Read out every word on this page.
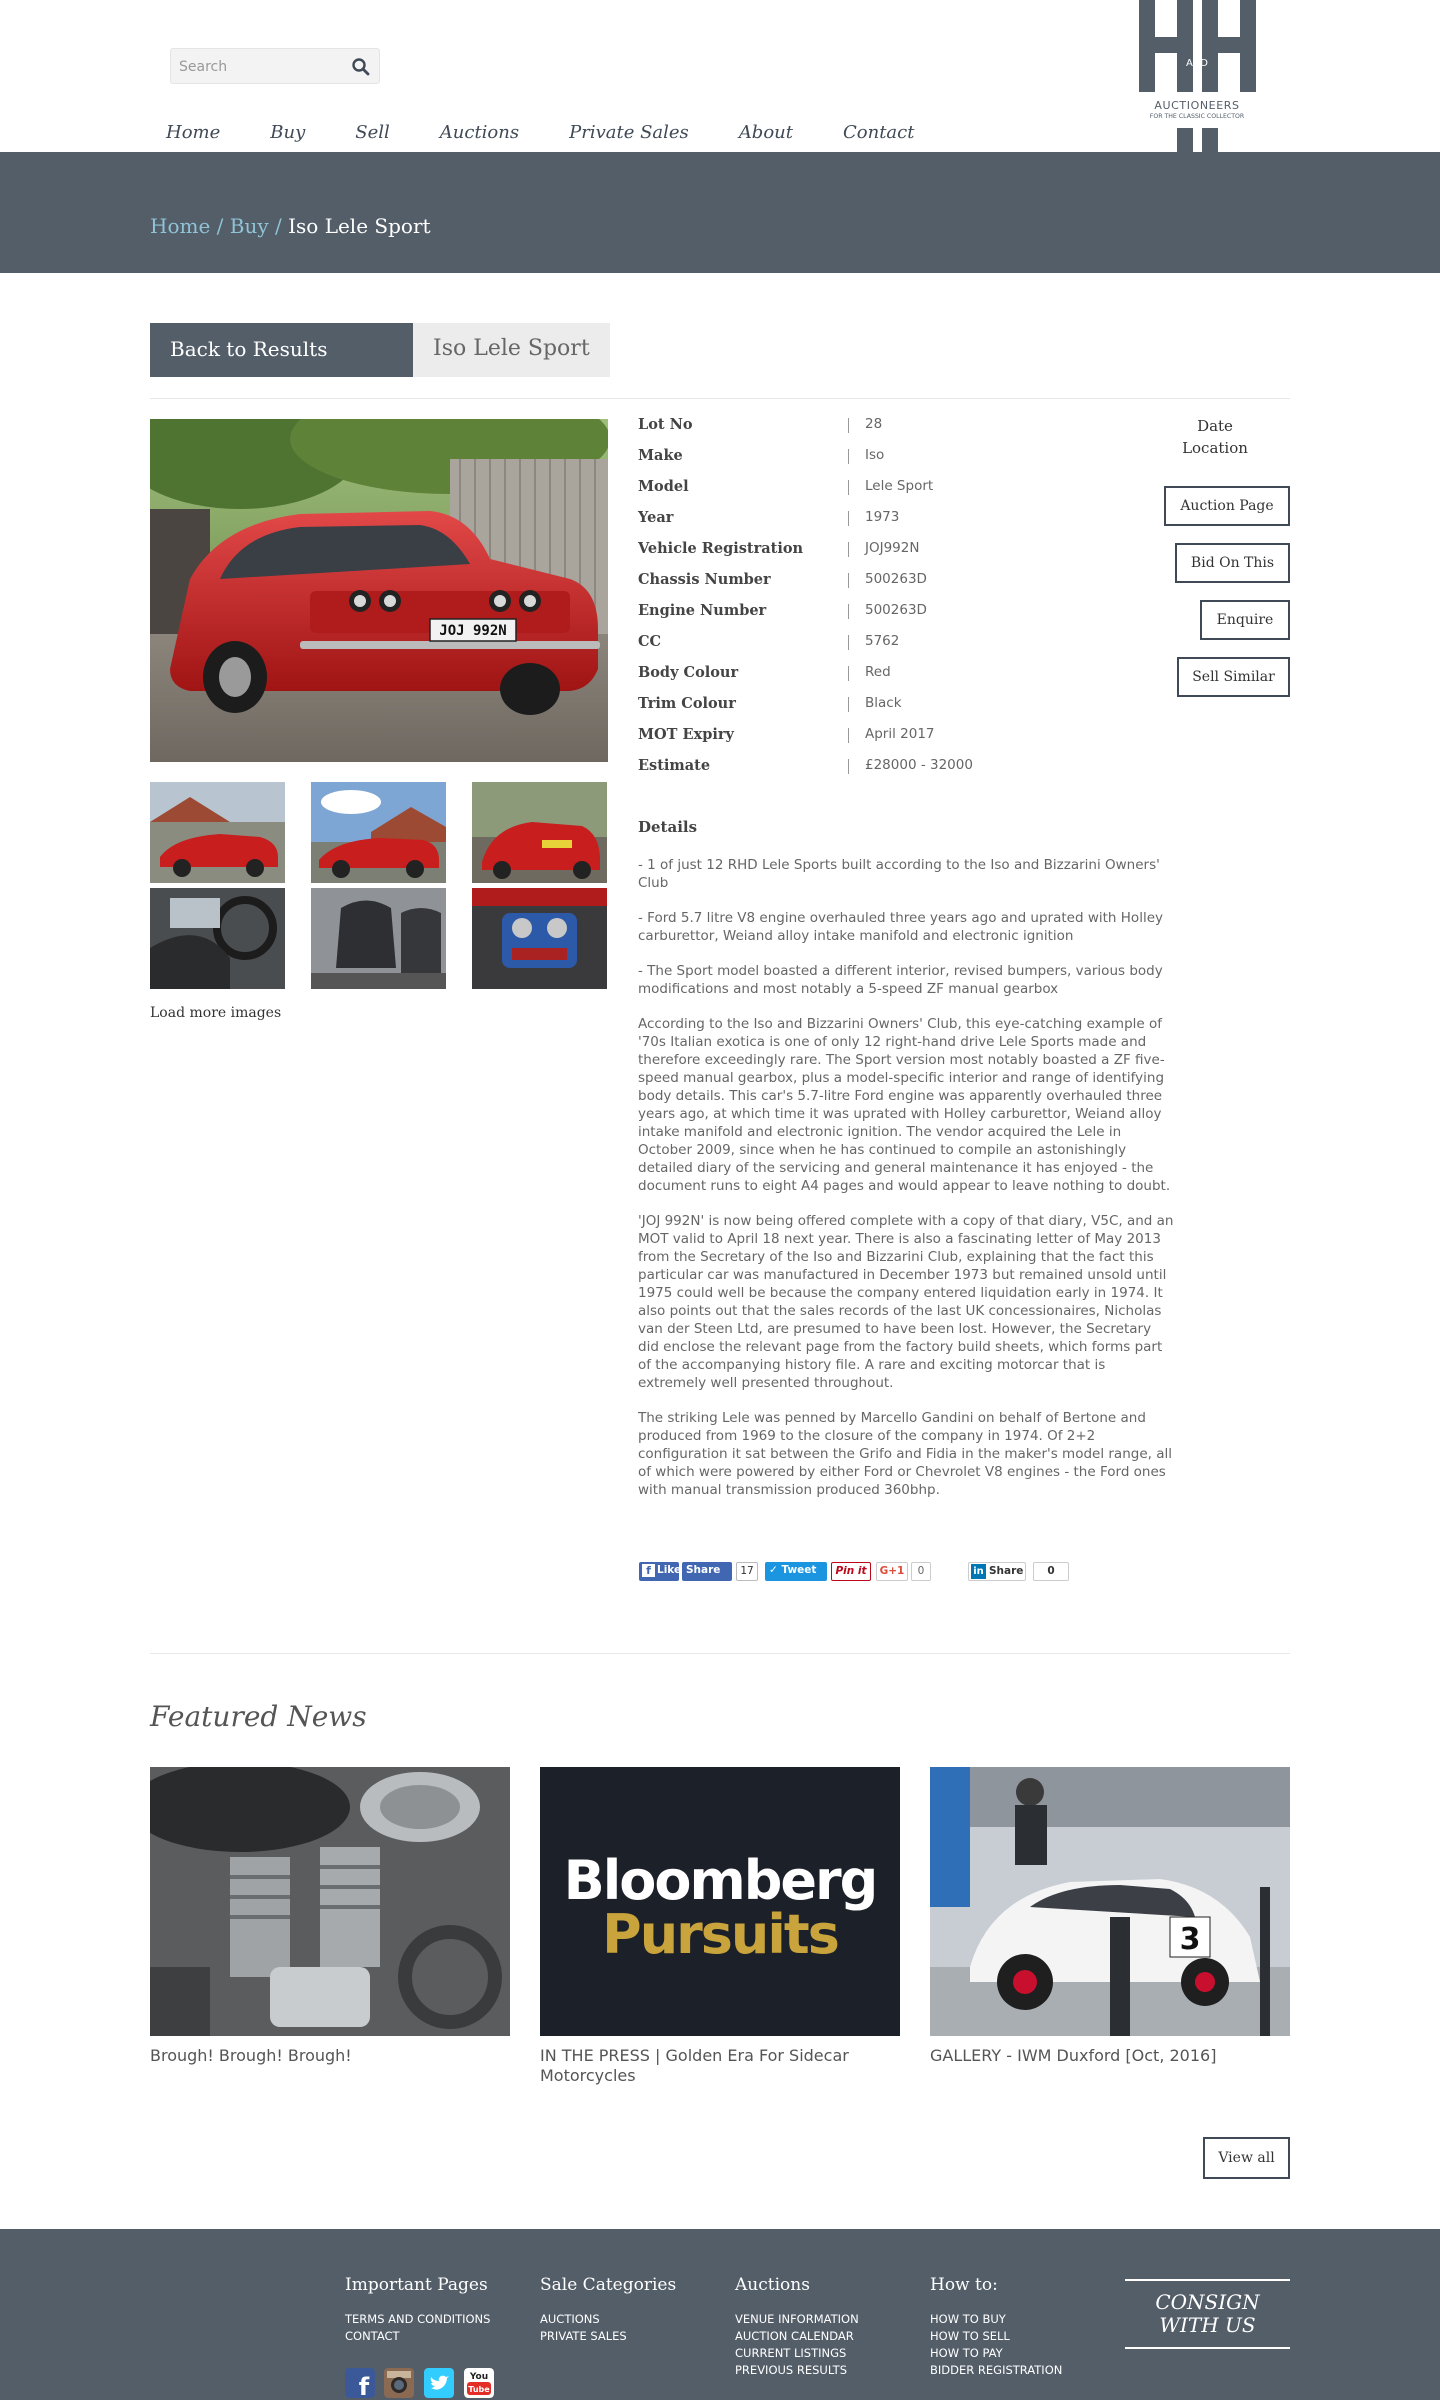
Search
Home	Buy	Sell	Auctions	Private Sales	About	Contact
AND
AUCTIONEERS
FOR THE CLASSIC COLLECTOR
Home / Buy / Iso Lele Sport
Back to Results	Iso Lele Sport
JOJ 992N
Load more images
Lot No	28
Make	Iso
Model	Lele Sport
Year	1973
Vehicle Registration	JOJ992N
Chassis Number	500263D
Engine Number	500263D
CC	5762
Body Colour	Red
Trim Colour	Black
MOT Expiry	April 2017
Estimate	£28000 - 32000
Date
Location
Auction Page
Bid On This
Enquire
Sell Similar
Details

- 1 of just 12 RHD Lele Sports built according to the Iso and Bizzarini Owners' Club

- Ford 5.7 litre V8 engine overhauled three years ago and uprated with Holley carburettor, Weiand alloy intake manifold and electronic ignition

- The Sport model boasted a different interior, revised bumpers, various body modifications and most notably a 5-speed ZF manual gearbox

According to the Iso and Bizzarini Owners' Club, this eye-catching example of '70s Italian exotica is one of only 12 right-hand drive Lele Sports made and therefore exceedingly rare. The Sport version most notably boasted a ZF five-speed manual gearbox, plus a model-specific interior and range of identifying body details. This car's 5.7-litre Ford engine was apparently overhauled three years ago, at which time it was uprated with Holley carburettor, Weiand alloy intake manifold and electronic ignition. The vendor acquired the Lele in October 2009, since when he has continued to compile an astonishingly detailed diary of the servicing and general maintenance it has enjoyed - the document runs to eight A4 pages and would appear to leave nothing to doubt.

'JOJ 992N' is now being offered complete with a copy of that diary, V5C, and an MOT valid to April 18 next year. There is also a fascinating letter of May 2013 from the Secretary of the Iso and Bizzarini Club, explaining that the fact this particular car was manufactured in December 1973 but remained unsold until 1975 could well be because the company entered liquidation early in 1974. It also points out that the sales records of the last UK concessionaires, Nicholas van der Steen Ltd, are presumed to have been lost. However, the Secretary did enclose the relevant page from the factory build sheets, which forms part of the accompanying history file. A rare and exciting motorcar that is extremely well presented throughout.

The striking Lele was penned by Marcello Gandini on behalf of Bertone and produced from 1969 to the closure of the company in 1974. Of 2+2 configuration it sat between the Grifo and Fidia in the maker's model range, all of which were powered by either Ford or Chevrolet V8 engines - the Ford ones with manual transmission produced 360bhp.

f Like Share	17	✓ Tweet	Pin it	G+1	0	in Share	0
Featured News
Brough! Brough! Brough!
Bloomberg
Pursuits
IN THE PRESS | Golden Era For Sidecar Motorcycles
3
GALLERY - IWM Duxford [Oct, 2016]
View all
Important Pages
TERMS AND CONDITIONS
CONTACT
Sale Categories
AUCTIONS
PRIVATE SALES
Auctions
VENUE INFORMATION
AUCTION CALENDAR
CURRENT LISTINGS
PREVIOUS RESULTS
How to:
HOW TO BUY
HOW TO SELL
HOW TO PAY
BIDDER REGISTRATION
CONSIGN
WITH US
f	You
Tube
